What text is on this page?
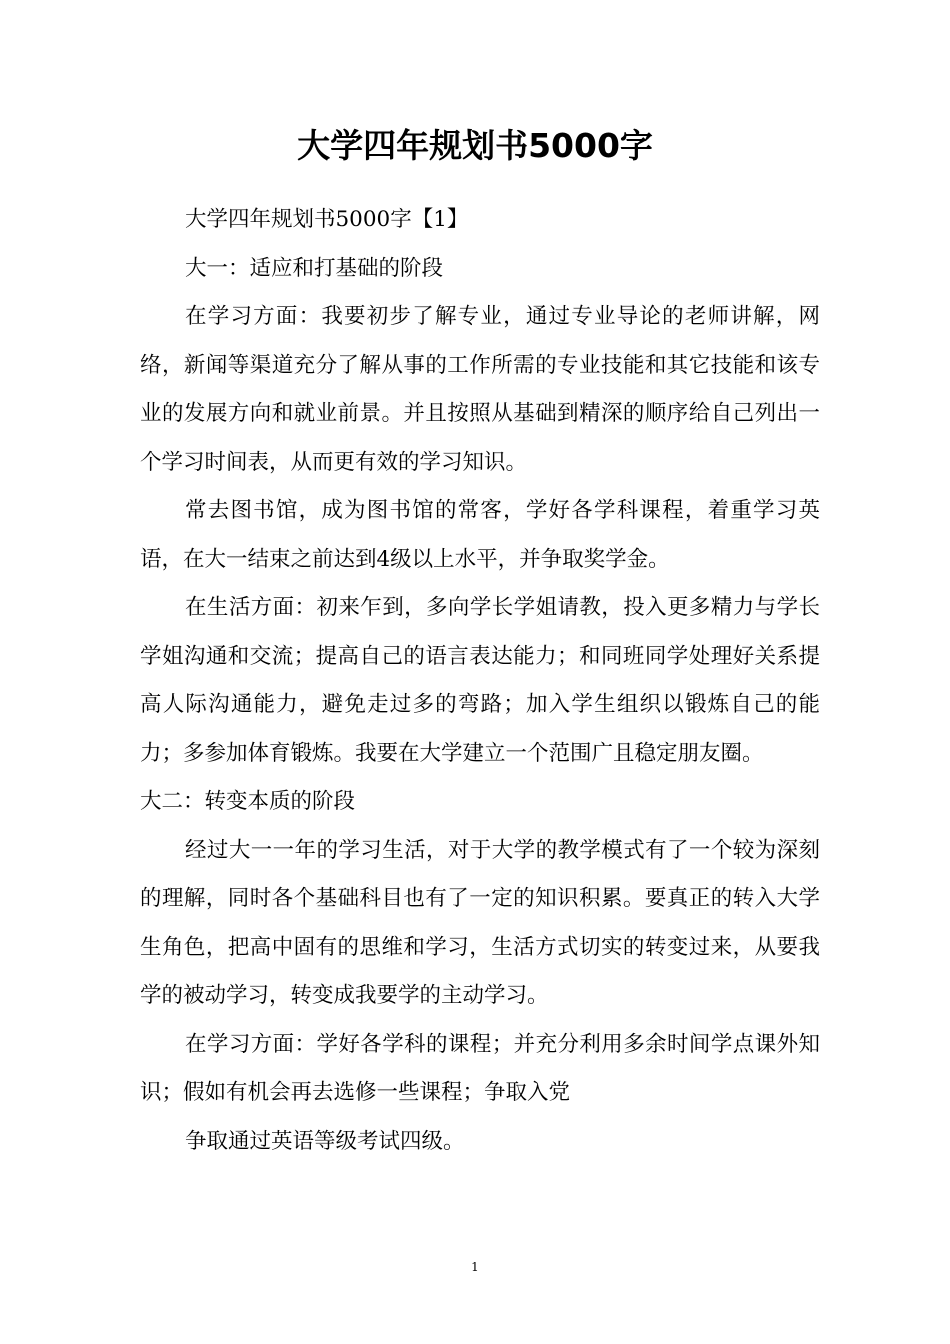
大学四年规划书5000字

大学四年规划书5000字【1】

大一：适应和打基础的阶段

在学习方面：我要初步了解专业，通过专业导论的老师讲解，网络，新闻等渠道充分了解从事的工作所需的专业技能和其它技能和该专业的发展方向和就业前景。并且按照从基础到精深的顺序给自己列出一个学习时间表，从而更有效的学习知识。

常去图书馆，成为图书馆的常客，学好各学科课程，着重学习英语，在大一结束之前达到4级以上水平，并争取奖学金。

在生活方面：初来乍到，多向学长学姐请教，投入更多精力与学长学姐沟通和交流；提高自己的语言表达能力；和同班同学处理好关系提高人际沟通能力，避免走过多的弯路；加入学生组织以锻炼自己的能力；多参加体育锻炼。我要在大学建立一个范围广且稳定朋友圈。

大二：转变本质的阶段

经过大一一年的学习生活，对于大学的教学模式有了一个较为深刻的理解，同时各个基础科目也有了一定的知识积累。要真正的转入大学生角色，把高中固有的思维和学习，生活方式切实的转变过来，从要我学的被动学习，转变成我要学的主动学习。

在学习方面：学好各学科的课程；并充分利用多余时间学点课外知识；假如有机会再去选修一些课程；争取入党

争取通过英语等级考试四级。

1
